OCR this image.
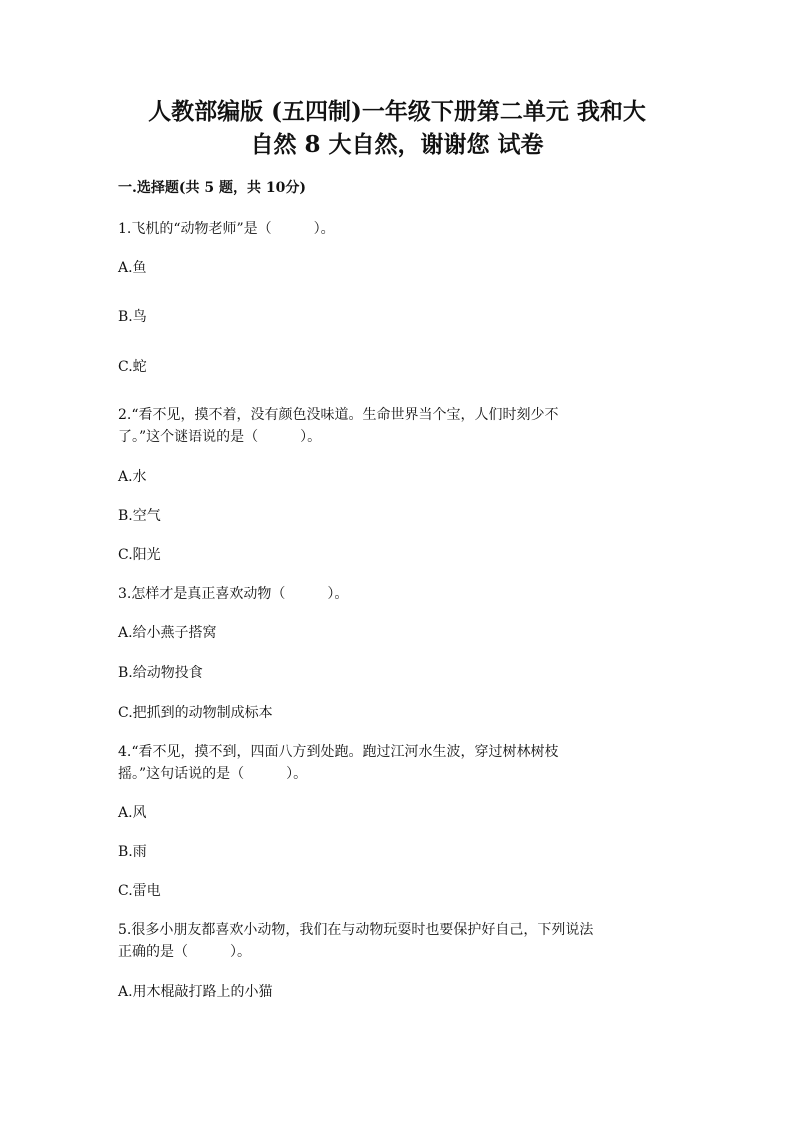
人教部编版 (五四制)一年级下册第二单元 我和大
自然 8 大自然，谢谢您 试卷

一.选择题(共 5 题，共 10分)

1.飞机的“动物老师”是（　　　）。

A.鱼

B.鸟

C.蛇

2.“看不见，摸不着，没有颜色没味道。生命世界当个宝，人们时刻少不

了。”这个谜语说的是（　　　）。

A.水

B.空气

C.阳光

3.怎样才是真正喜欢动物（　　　）。

A.给小燕子搭窝

B.给动物投食

C.把抓到的动物制成标本

4.“看不见，摸不到，四面八方到处跑。跑过江河水生波，穿过树林树枝

摇。”这句话说的是（　　　）。

A.风

B.雨

C.雷电

5.很多小朋友都喜欢小动物，我们在与动物玩耍时也要保护好自己，下列说法

正确的是（　　　）。

A.用木棍敲打路上的小猫
